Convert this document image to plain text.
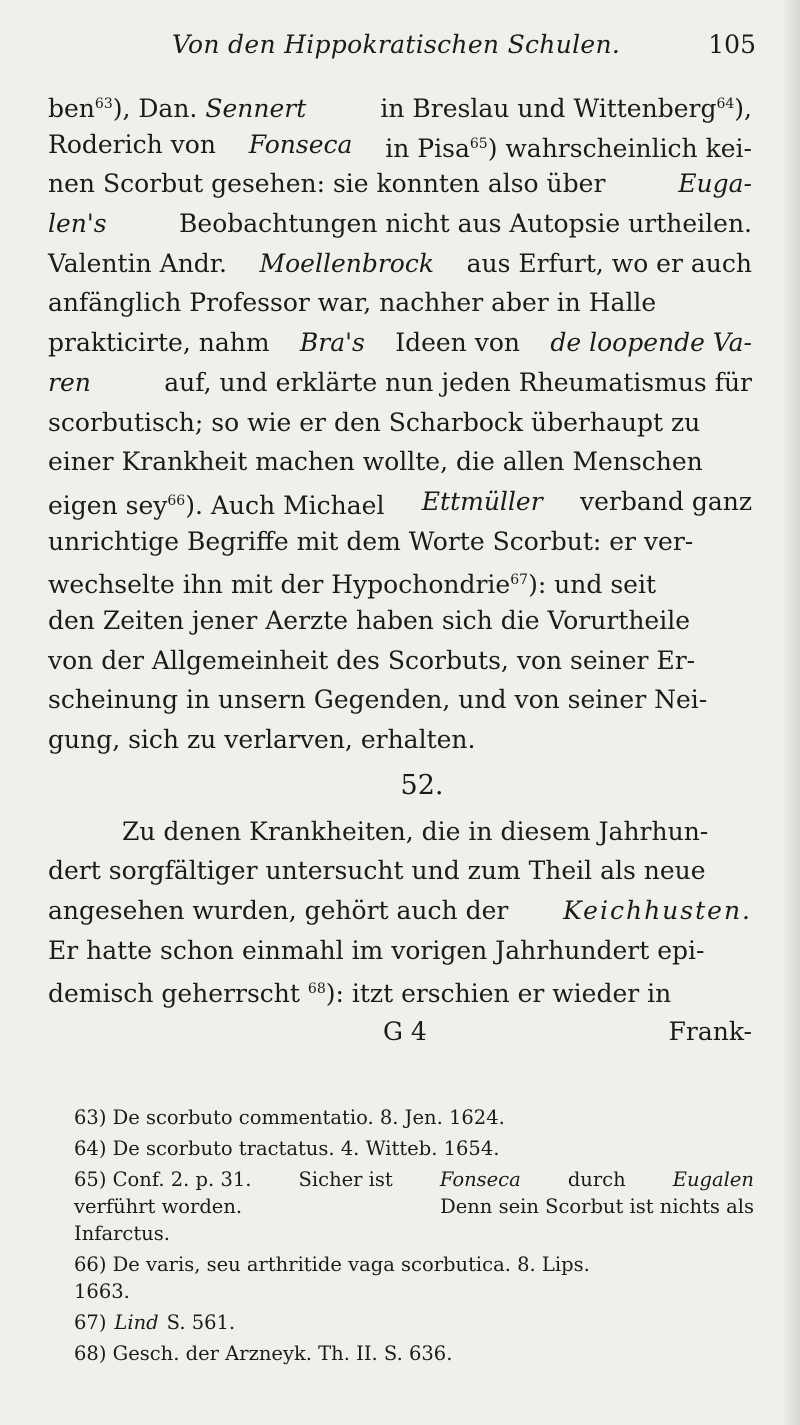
Von den Hippokratischen Schulen.	105
ben$^{63}$), Dan. Sennert	in Breslau und Wittenberg$^{64}$),
Roderich von Fonseca in Pisa$^{65}$) wahrscheinlich kei-
nen Scorbut gesehen: sie konnten also über	Euga-
len's	Beobachtungen nicht aus Autopsie urtheilen.
Valentin Andr. Moellenbrock aus Erfurt, wo er auch
anfänglich Professor war, nachher aber in Halle
prakticirte, nahm Bra's Ideen von de loopende Va-
ren	auf, und erklärte nun jeden Rheumatismus für
scorbutisch; so wie er den Scharbock überhaupt zu
einer Krankheit machen wollte, die allen Menschen
eigen sey$^{66}$). Auch Michael Ettmüller verband ganz
unrichtige Begriffe mit dem Worte Scorbut: er ver-
wechselte ihn mit der Hypochondrie$^{67}$): und seit
den Zeiten jener Aerzte haben sich die Vorurtheile
von der Allgemeinheit des Scorbuts, von seiner Er-
scheinung in unsern Gegenden, und von seiner Nei-
gung, sich zu verlarven, erhalten.
52.
Zu denen Krankheiten, die in diesem Jahrhun-
dert sorgfältiger untersucht und zum Theil als neue
angesehen wurden, gehört auch der Keichhusten.
Er hatte schon einmahl im vorigen Jahrhundert epi-
demisch geherrscht $^{68}$): itzt erschien er wieder in
G 4	Frank-
63) De scorbuto commentatio. 8. Jen. 1624.
64) De scorbuto tractatus. 4. Witteb. 1654.
65) Conf. 2. p. 31. Sicher ist Fonseca durch Eugalen
verführt worden.	Denn sein Scorbut ist nichts als
Infarctus.
66) De varis, seu arthritide vaga scorbutica. 8. Lips.
1663.
67) Lind S. 561.
68) Gesch. der Arzneyk. Th. II. S. 636.
